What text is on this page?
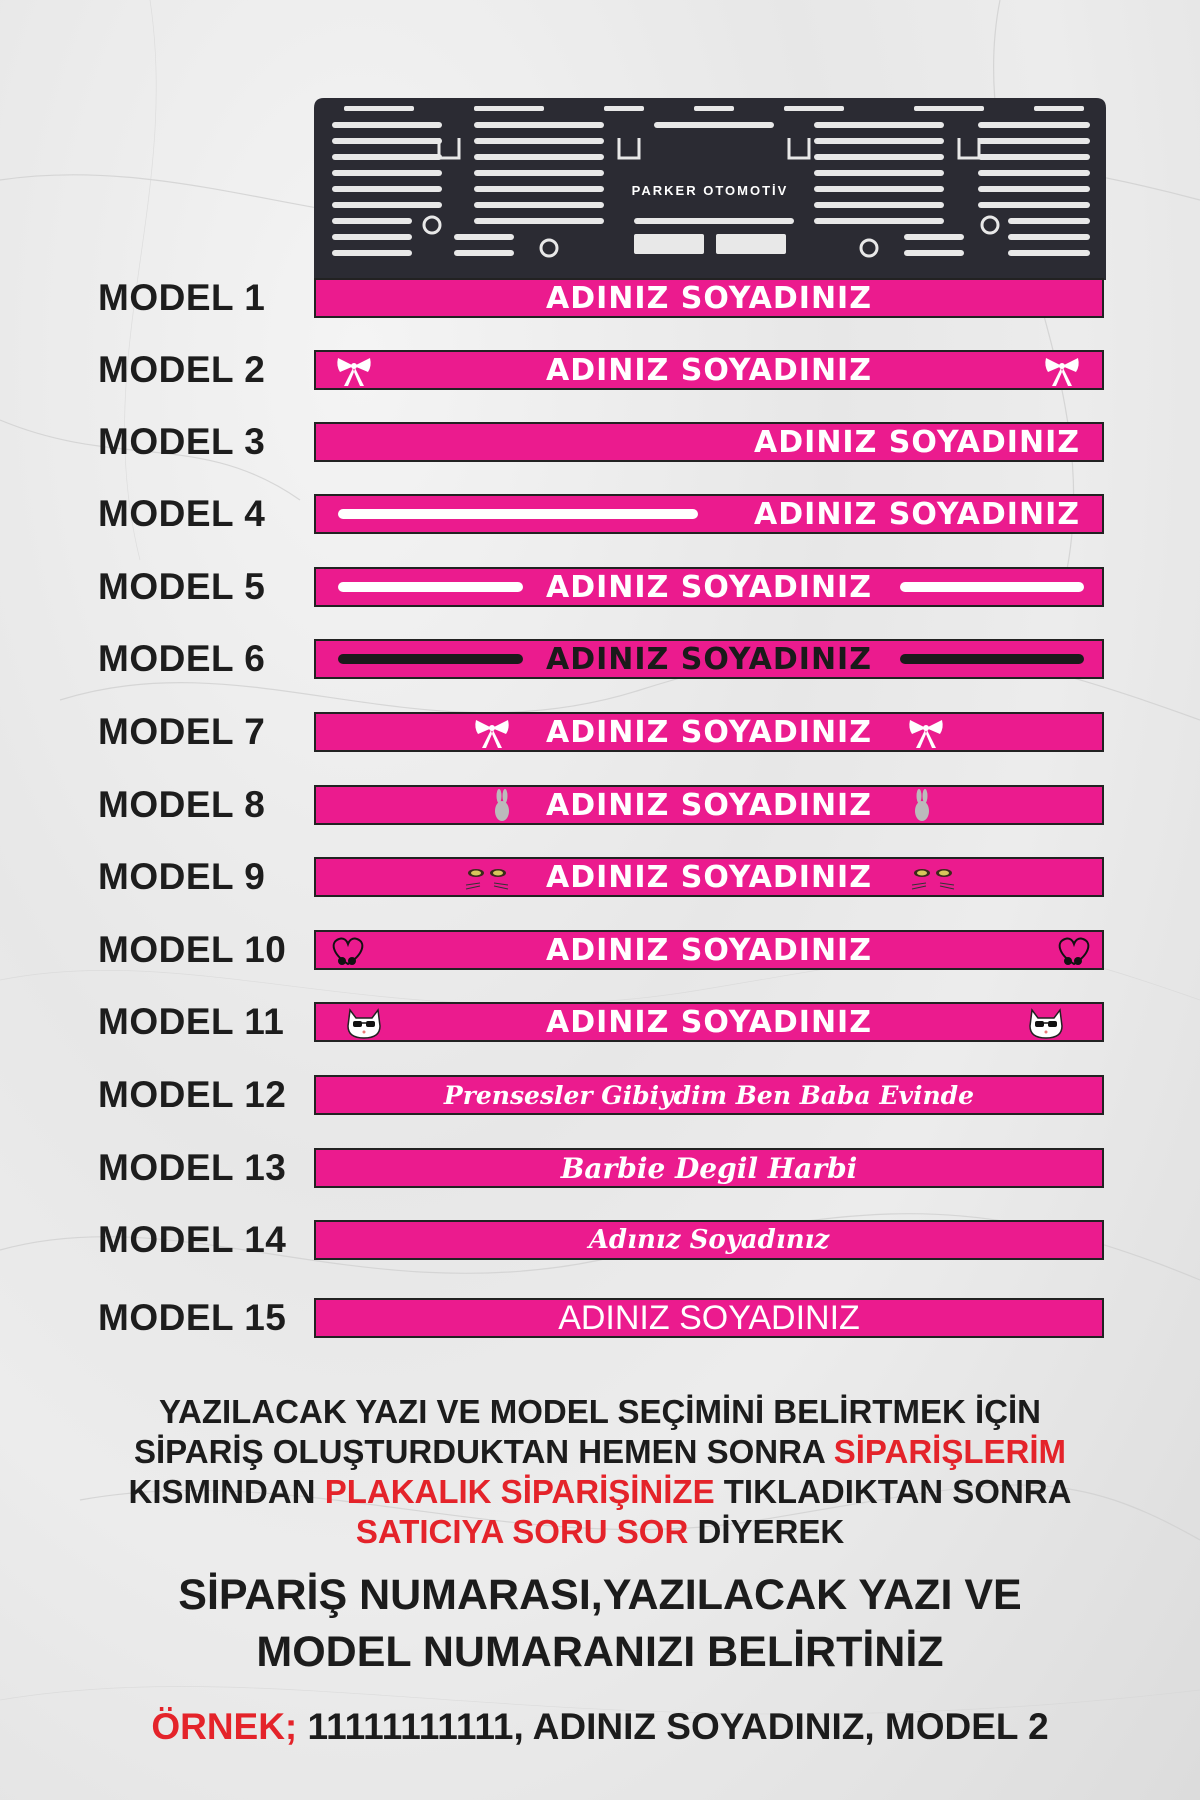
PARKER OTOMOTİV
MODEL 1	ADINIZ SOYADINIZ
MODEL 2	ADINIZ SOYADINIZ
MODEL 3	ADINIZ SOYADINIZ
MODEL 4	ADINIZ SOYADINIZ
MODEL 5	ADINIZ SOYADINIZ
MODEL 6	ADINIZ SOYADINIZ
MODEL 7	ADINIZ SOYADINIZ
MODEL 8	ADINIZ SOYADINIZ
MODEL 9	ADINIZ SOYADINIZ
MODEL 10	ADINIZ SOYADINIZ
MODEL 11	ADINIZ SOYADINIZ
MODEL 12	Prensesler Gibiydim Ben Baba Evinde
MODEL 13	Barbie Degil Harbi
MODEL 14	Adınız Soyadınız
MODEL 15	ADINIZ SOYADINIZ
YAZILACAK YAZI VE MODEL SEÇİMİNİ BELİRTMEK İÇİN
SİPARİŞ OLUŞTURDUKTAN HEMEN SONRA SİPARİŞLERİM
KISMINDAN PLAKALIK SİPARİŞİNİZE TIKLADIKTAN SONRA
SATICIYA SORU SOR DİYEREK
SİPARİŞ NUMARASI,YAZILACAK YAZI VE
MODEL NUMARANIZI BELİRTİNİZ
ÖRNEK; 11111111111, ADINIZ SOYADINIZ, MODEL 2
